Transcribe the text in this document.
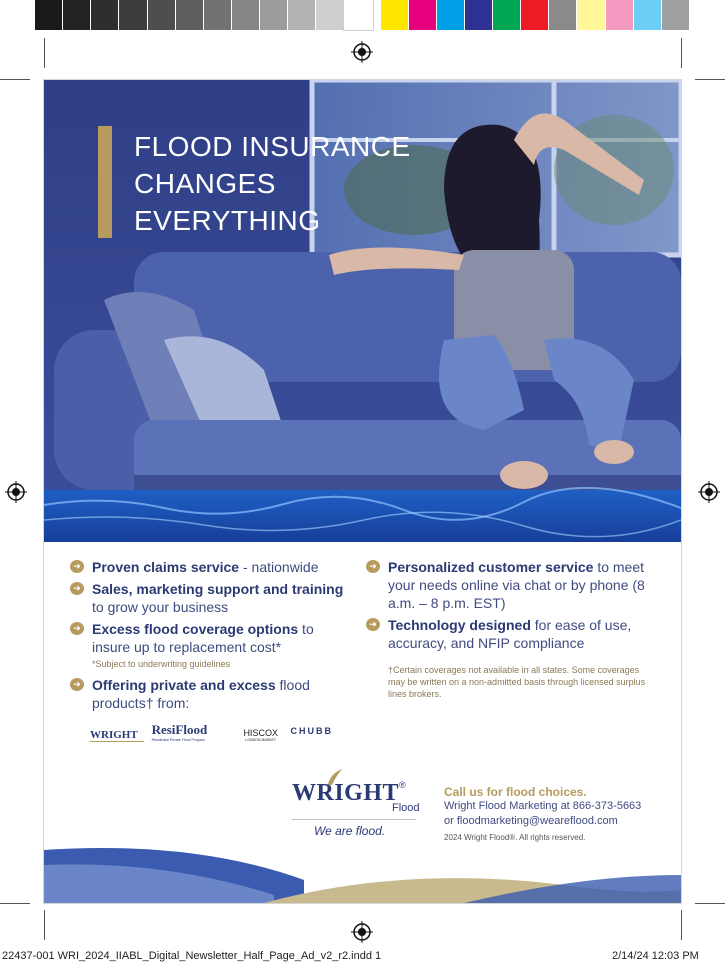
FLOOD INSURANCE
CHANGES
EVERYTHING
➜ Proven claims service - nationwide
➜ Sales, marketing support and training
to grow your business
➜ Excess flood coverage options to insure up to replacement cost*
*Subject to underwriting guidelines
➜ Offering private and excess flood products† from:
WRIGHT	ResiFlood
Residential Private Flood Program
HISCOX
LONDON MARKET
CHUBB
➜ Personalized customer service to meet your needs online via chat or by phone (8 a.m. – 8 p.m. EST)
➜ Technology designed for ease of use, accuracy, and NFIP compliance
†Certain coverages not available in all states. Some coverages may be written on a non-admitted basis through licensed surplus lines brokers.
WRIGHT®
Flood
We are flood.
Call us for flood choices.
Wright Flood Marketing at 866-373-5663
or floodmarketing@weareflood.com
2024 Wright Flood®. All rights reserved.
22437-001 WRI_2024_IIABL_Digital_Newsletter_Half_Page_Ad_v2_r2.indd 1	2/14/24 12:03 PM
